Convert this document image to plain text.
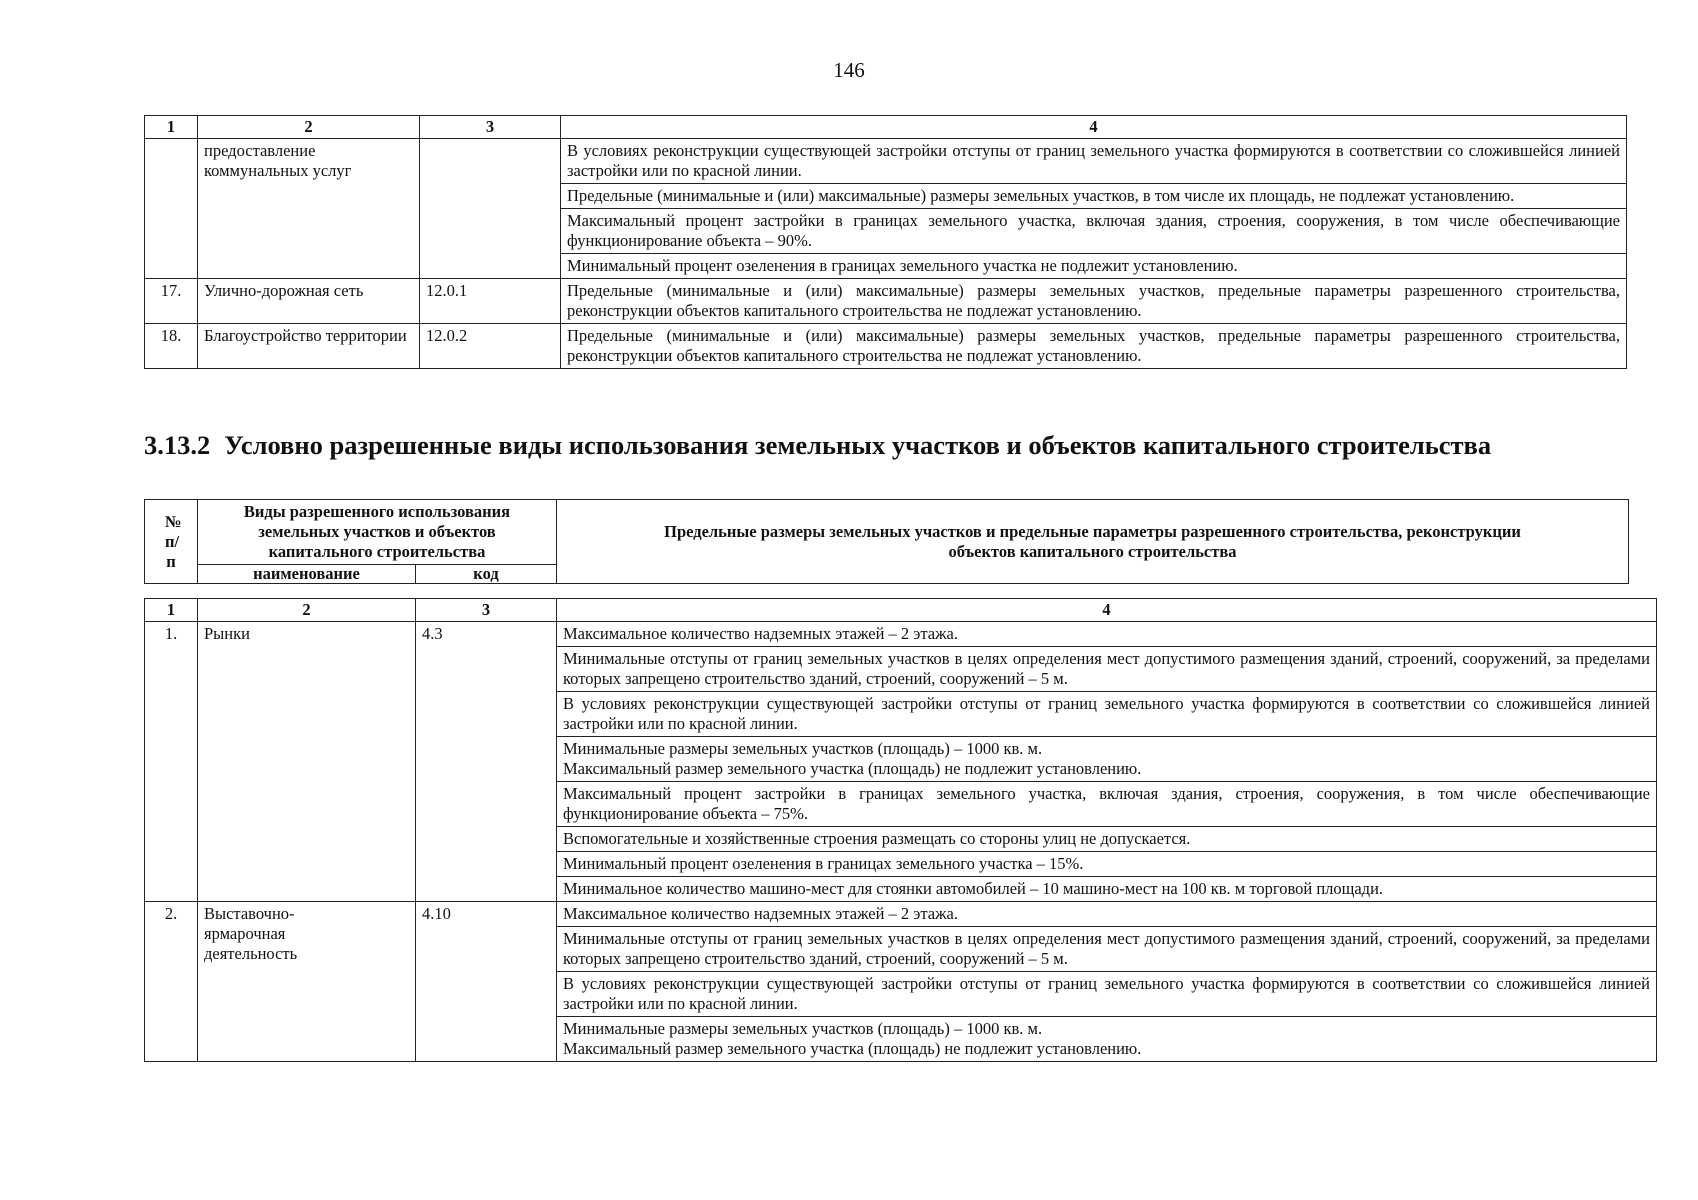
146
1	2	3	4
	предоставление коммунальных услуг		В условиях реконструкции существующей застройки отступы от границ земельного участка формируются в соответствии со сложившейся линией застройки или по красной линии.
			Предельные (минимальные и (или) максимальные) размеры земельных участков, в том числе их площадь, не подлежат установлению.
			Максимальный процент застройки в границах земельного участка, включая здания, строения, сооружения, в том числе обеспечивающие функционирование объекта – 90%.
			Минимальный процент озеленения в границах земельного участка не подлежит установлению.
17.	Улично-дорожная сеть	12.0.1	Предельные (минимальные и (или) максимальные) размеры земельных участков, предельные параметры разрешенного строительства, реконструкции объектов капитального строительства не подлежат установлению.
18.	Благоустройство территории	12.0.2	Предельные (минимальные и (или) максимальные) размеры земельных участков, предельные параметры разрешенного строительства, реконструкции объектов капитального строительства не подлежат установлению.
3.13.2 Условно разрешенные виды использования земельных участков и объектов капитального строительства
№ п/п	Виды разрешенного использования земельных участков и объектов капитального строительства		Предельные размеры земельных участков и предельные параметры разрешенного строительства, реконструкции объектов капитального строительства
	наименование	код	
1	2	3	4
1.	Рынки	4.3	Максимальное количество надземных этажей – 2 этажа.
			Минимальные отступы от границ земельных участков в целях определения мест допустимого размещения зданий, строений, сооружений, за пределами которых запрещено строительство зданий, строений, сооружений – 5 м.
			В условиях реконструкции существующей застройки отступы от границ земельного участка формируются в соответствии со сложившейся линией застройки или по красной линии.
			Минимальные размеры земельных участков (площадь) – 1000 кв. м.
Максимальный размер земельного участка (площадь) не подлежит установлению.
			Максимальный процент застройки в границах земельного участка, включая здания, строения, сооружения, в том числе обеспечивающие функционирование объекта – 75%.
			Вспомогательные и хозяйственные строения размещать со стороны улиц не допускается.
			Минимальный процент озеленения в границах земельного участка – 15%.
			Минимальное количество машино-мест для стоянки автомобилей – 10 машино-мест на 100 кв. м торговой площади.
2.	Выставочно-ярмарочная деятельность	4.10	Максимальное количество надземных этажей – 2 этажа.
			Минимальные отступы от границ земельных участков в целях определения мест допустимого размещения зданий, строений, сооружений, за пределами которых запрещено строительство зданий, строений, сооружений – 5 м.
			В условиях реконструкции существующей застройки отступы от границ земельного участка формируются в соответствии со сложившейся линией застройки или по красной линии.
			Минимальные размеры земельных участков (площадь) – 1000 кв. м.
Максимальный размер земельного участка (площадь) не подлежит установлению.
